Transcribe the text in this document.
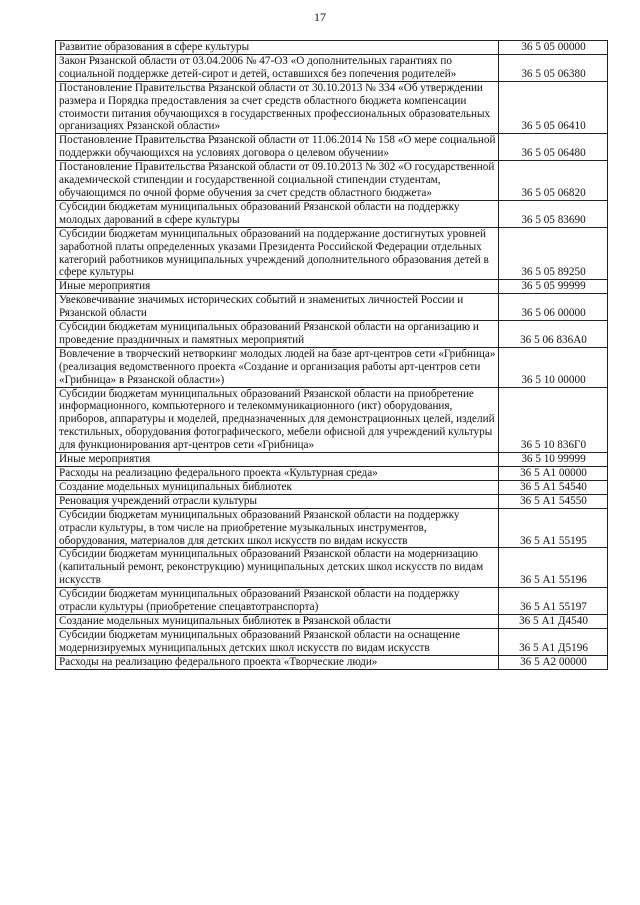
17
Развитие образования в сфере культуры	36 5 05 00000
Закон Рязанской области от 03.04.2006 № 47-ОЗ «О дополнительных гарантиях по социальной поддержке детей-сирот и детей, оставшихся без попечения родителей»	36 5 05 06380
Постановление Правительства Рязанской области от 30.10.2013 № 334 «Об утверждении размера и Порядка предоставления за счет средств областного бюджета компенсации стоимости питания обучающихся в государственных профессиональных образовательных организациях Рязанской области»	36 5 05 06410
Постановление Правительства Рязанской области от 11.06.2014 № 158 «О мере социальной поддержки обучающихся на условиях договора о целевом обучении»	36 5 05 06480
Постановление Правительства Рязанской области от 09.10.2013 № 302 «О государственной академической стипендии и государственной социальной стипендии студентам, обучающимся по очной форме обучения за счет средств областного бюджета»	36 5 05 06820
Субсидии бюджетам муниципальных образований Рязанской области на поддержку молодых дарований в сфере культуры	36 5 05 83690
Субсидии бюджетам муниципальных образований на поддержание достигнутых уровней заработной платы определенных указами Президента Российской Федерации отдельных категорий работников муниципальных учреждений дополнительного образования детей в сфере культуры	36 5 05 89250
Иные мероприятия	36 5 05 99999
Увековечивание значимых исторических событий и знаменитых личностей России и Рязанской области	36 5 06 00000
Субсидии бюджетам муниципальных образований Рязанской области на организацию и проведение праздничных и памятных мероприятий	36 5 06 836А0
Вовлечение в творческий нетворкинг молодых людей на базе арт-центров сети «Грибница» (реализация ведомственного проекта «Создание и организация работы арт-центров сети «Грибница» в Рязанской области»)	36 5 10 00000
Субсидии бюджетам муниципальных образований Рязанской области на приобретение информационного, компьютерного и телекоммуникационного (икт) оборудования, приборов, аппаратуры и моделей, предназначенных для демонстрационных целей, изделий текстильных, оборудования фотографического, мебели офисной для учреждений культуры для функционирования арт-центров сети «Грибница»	36 5 10 836Г0
Иные мероприятия	36 5 10 99999
Расходы на реализацию федерального проекта «Культурная среда»	36 5 А1 00000
Создание модельных муниципальных библиотек	36 5 А1 54540
Реновация учреждений отрасли культуры	36 5 А1 54550
Субсидии бюджетам муниципальных образований Рязанской области на поддержку отрасли культуры, в том числе на приобретение музыкальных инструментов, оборудования, материалов для детских школ искусств по видам искусств	36 5 А1 55195
Субсидии бюджетам муниципальных образований Рязанской области на модернизацию (капитальный ремонт, реконструкцию) муниципальных детских школ искусств по видам искусств	36 5 А1 55196
Субсидии бюджетам муниципальных образований Рязанской области на поддержку отрасли культуры (приобретение спецавтотранспорта)	36 5 А1 55197
Создание модельных муниципальных библиотек в Рязанской области	36 5 А1 Д4540
Субсидии бюджетам муниципальных образований Рязанской области на оснащение модернизируемых муниципальных детских школ искусств по видам искусств	36 5 А1 Д5196
Расходы на реализацию федерального проекта «Творческие люди»	36 5 А2 00000
